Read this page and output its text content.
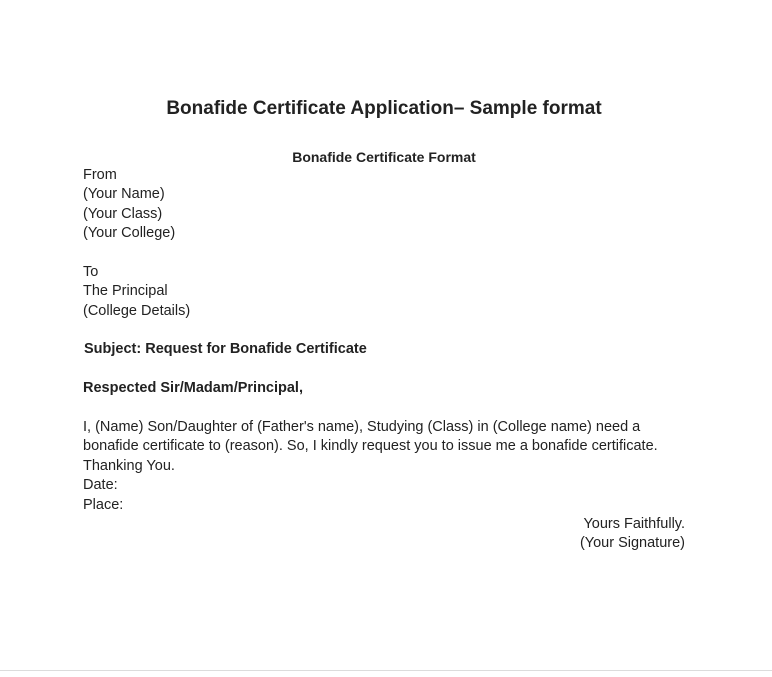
Bonafide Certificate Application– Sample format
Bonafide Certificate Format
From
(Your Name)
(Your Class)
(Your College)
To
The Principal
(College Details)
Subject: Request for Bonafide Certificate
Respected Sir/Madam/Principal,
I, (Name) Son/Daughter of (Father's name), Studying (Class) in (College name) need a
bonafide certificate to (reason). So, I kindly request you to issue me a bonafide certificate.
Thanking You.
Date:
Place:
Yours Faithfully.
(Your Signature)
